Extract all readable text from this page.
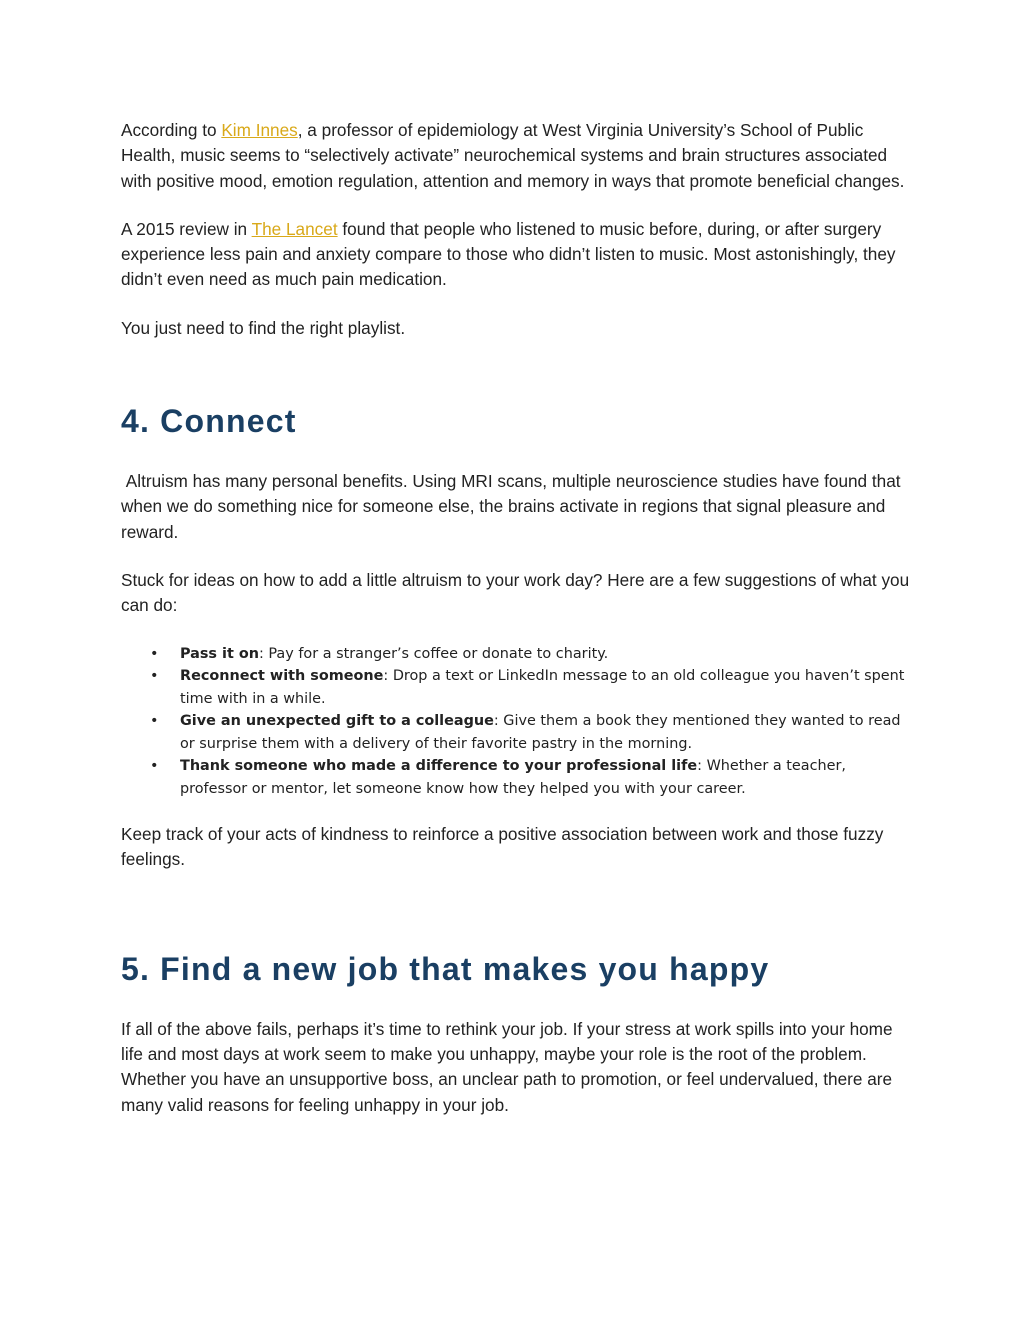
According to Kim Innes, a professor of epidemiology at West Virginia University’s School of Public Health, music seems to “selectively activate” neurochemical systems and brain structures associated with positive mood, emotion regulation, attention and memory in ways that promote beneficial changes.

A 2015 review in The Lancet found that people who listened to music before, during, or after surgery experience less pain and anxiety compare to those who didn’t listen to music. Most astonishingly, they didn’t even need as much pain medication.

You just need to find the right playlist.

4. Connect

Altruism has many personal benefits. Using MRI scans, multiple neuroscience studies have found that when we do something nice for someone else, the brains activate in regions that signal pleasure and reward.

Stuck for ideas on how to add a little altruism to your work day? Here are a few suggestions of what you can do:

• Pass it on: Pay for a stranger’s coffee or donate to charity.
• Reconnect with someone: Drop a text or LinkedIn message to an old colleague you haven’t spent time with in a while.
• Give an unexpected gift to a colleague: Give them a book they mentioned they wanted to read or surprise them with a delivery of their favorite pastry in the morning.
• Thank someone who made a difference to your professional life: Whether a teacher, professor or mentor, let someone know how they helped you with your career.

Keep track of your acts of kindness to reinforce a positive association between work and those fuzzy feelings.

5. Find a new job that makes you happy

If all of the above fails, perhaps it’s time to rethink your job. If your stress at work spills into your home life and most days at work seem to make you unhappy, maybe your role is the root of the problem. Whether you have an unsupportive boss, an unclear path to promotion, or feel undervalued, there are many valid reasons for feeling unhappy in your job.
